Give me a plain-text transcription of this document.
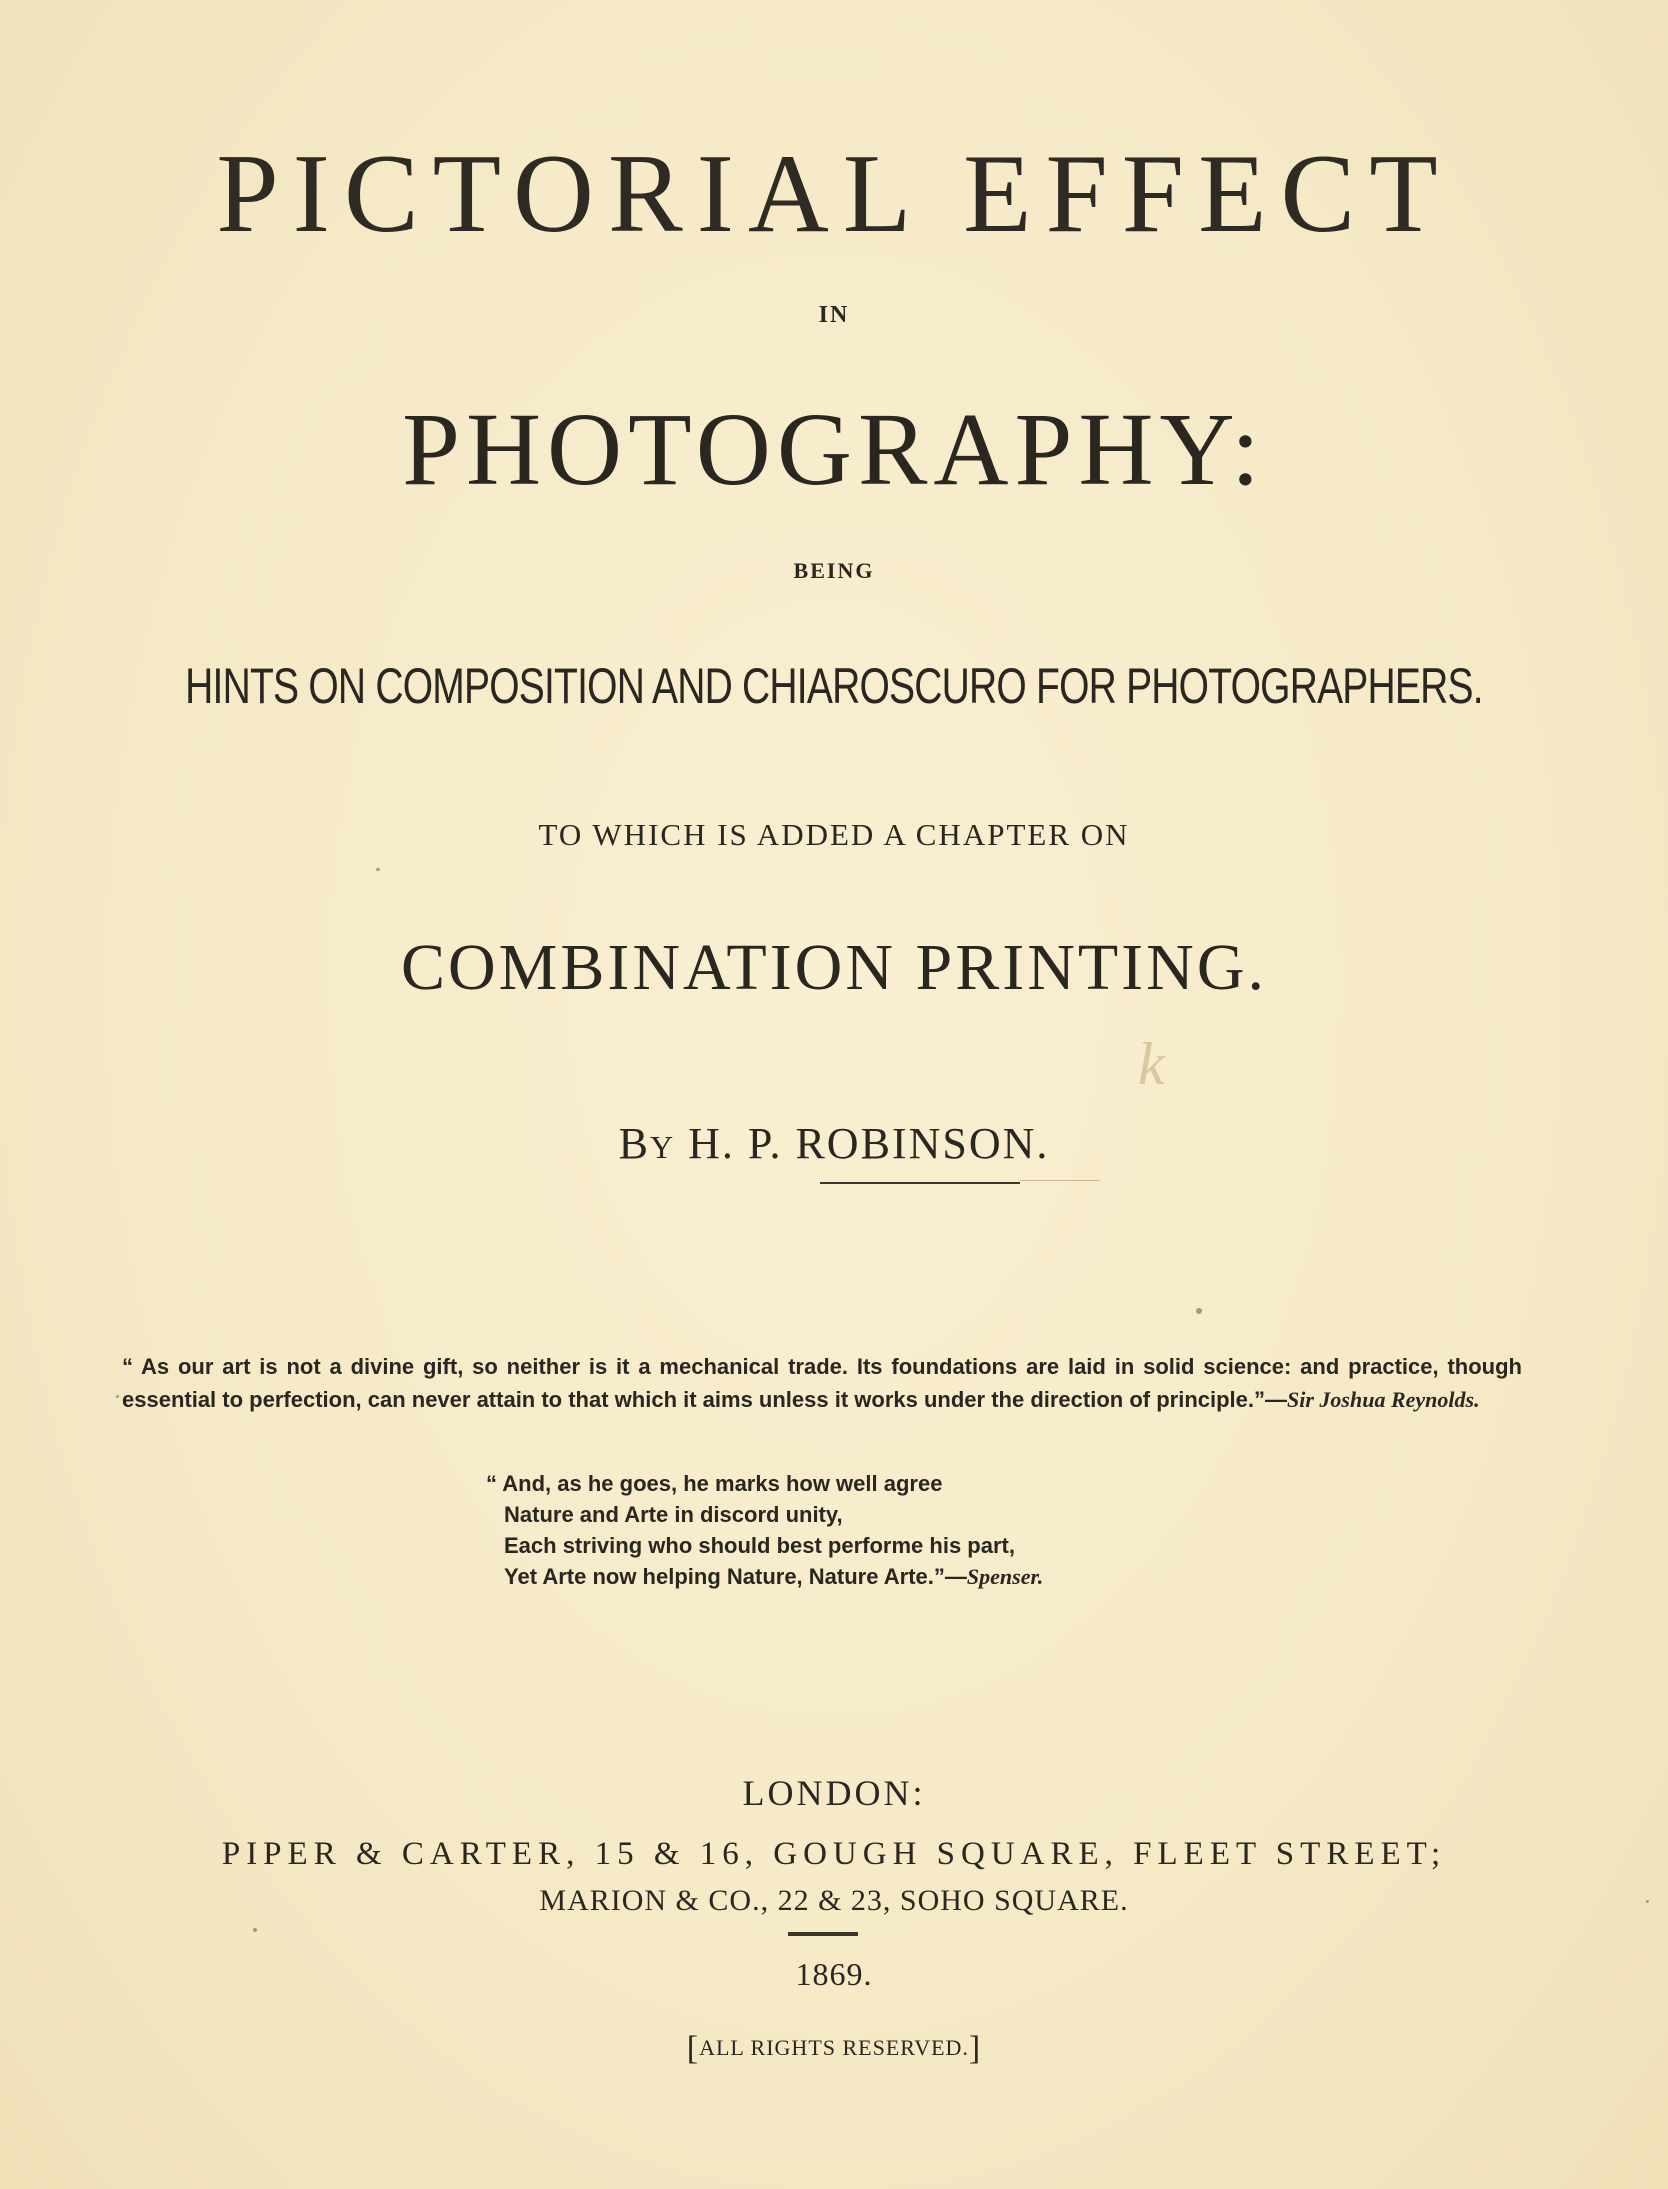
PICTORIAL EFFECT
IN
PHOTOGRAPHY:
BEING
HINTS ON COMPOSITION AND CHIAROSCURO FOR PHOTOGRAPHERS.
TO WHICH IS ADDED A CHAPTER ON
COMBINATION PRINTING.
k
BY H. P. ROBINSON.
“ As our art is not a divine gift, so neither is it a mechanical trade. Its foundations are laid in solid science: and practice, though essential to perfection, can never attain to that which it aims unless it works under the direction of principle.”—Sir Joshua Reynolds.
“ And, as he goes, he marks how well agree
Nature and Arte in discord unity,
Each striving who should best performe his part,
Yet Arte now helping Nature, Nature Arte.”—Spenser.
LONDON:
PIPER & CARTER, 15 & 16, GOUGH SQUARE, FLEET STREET;
MARION & CO., 22 & 23, SOHO SQUARE.
1869.
[ALL RIGHTS RESERVED.]
